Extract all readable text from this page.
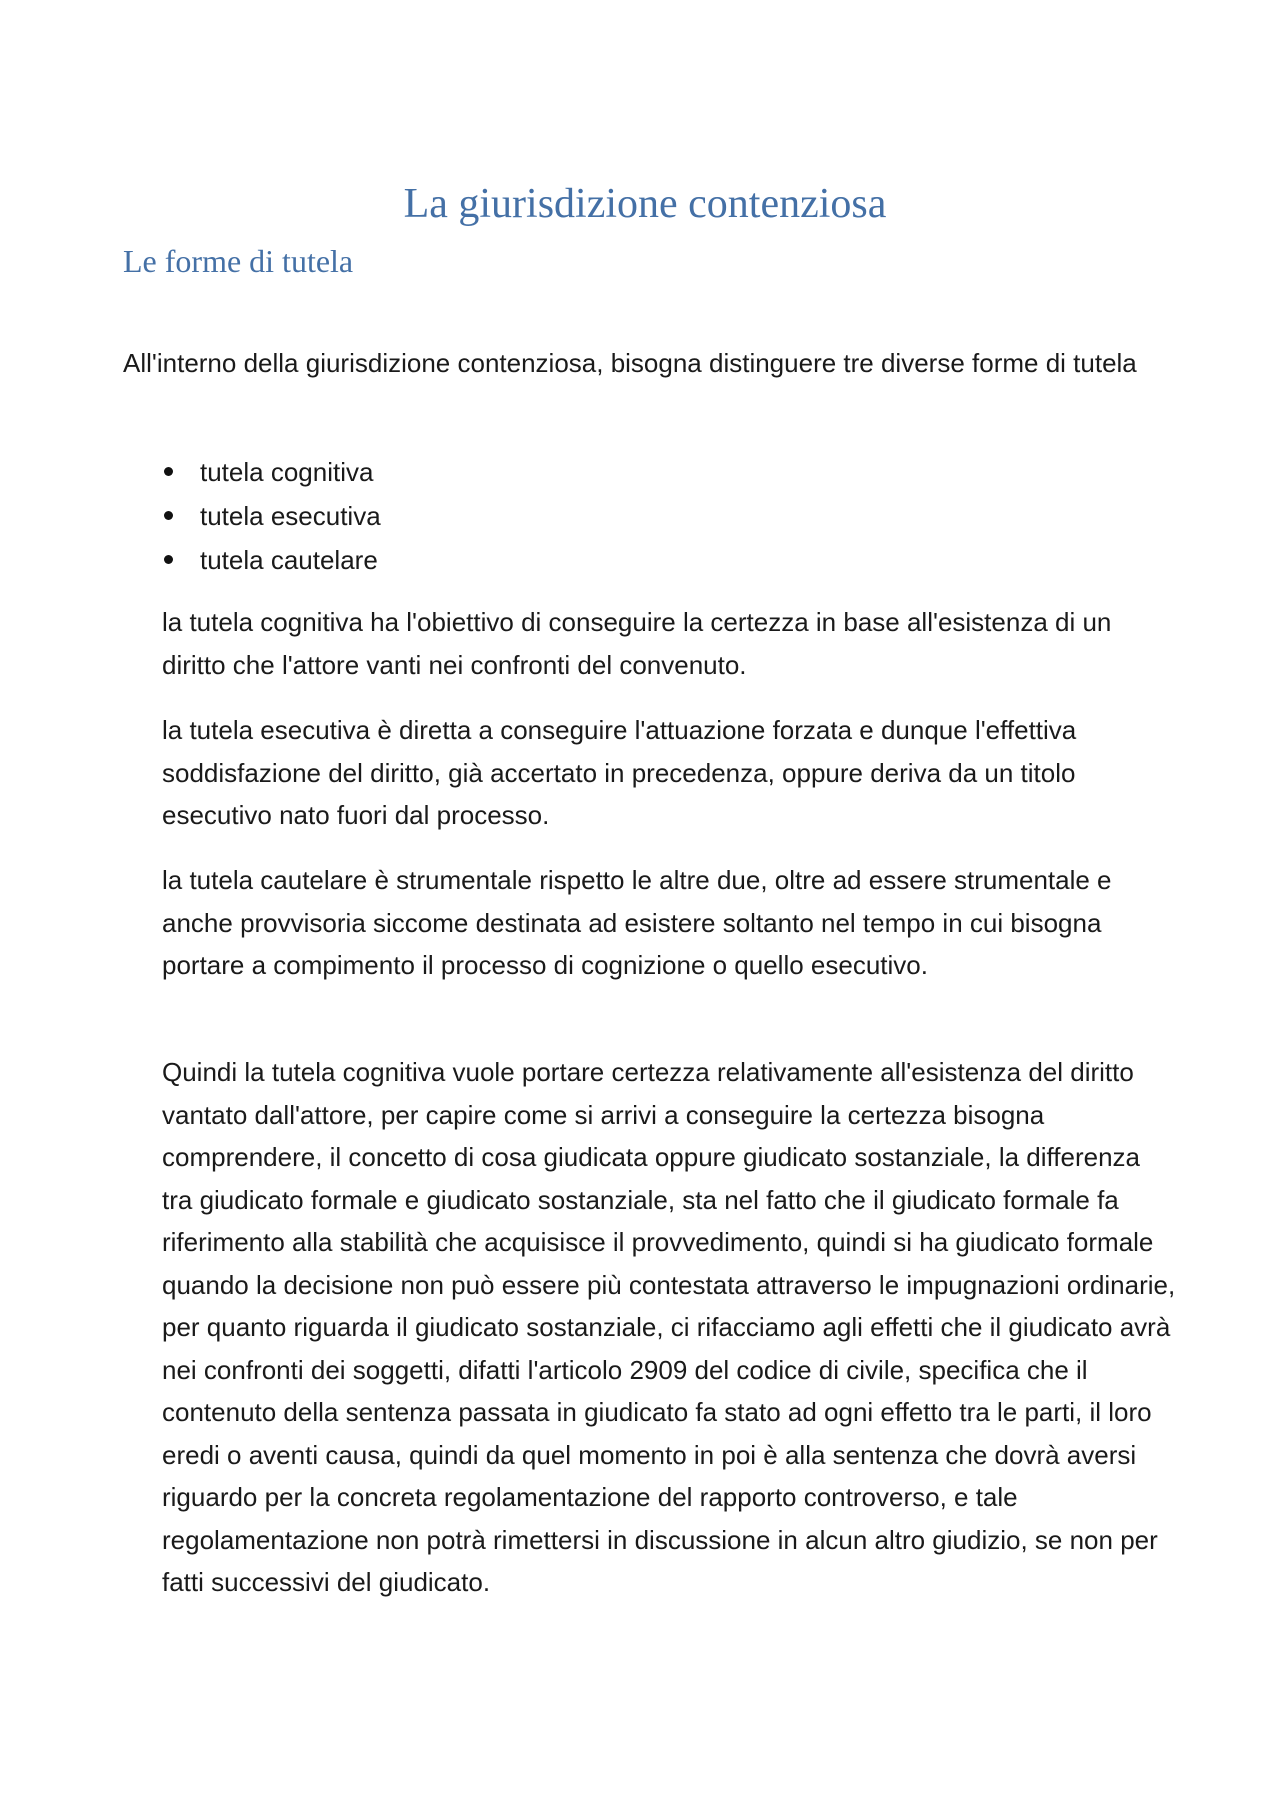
La giurisdizione contenziosa
Le forme di tutela

All'interno della giurisdizione contenziosa, bisogna distinguere tre diverse forme di tutela

tutela cognitiva
tutela esecutiva
tutela cautelare

la tutela cognitiva ha l'obiettivo di conseguire la certezza in base all'esistenza di un diritto che l'attore vanti nei confronti del convenuto.

la tutela esecutiva è diretta a conseguire l'attuazione forzata e dunque l'effettiva soddisfazione del diritto, già accertato in precedenza, oppure deriva da un titolo esecutivo nato fuori dal processo.

la tutela cautelare è strumentale rispetto le altre due, oltre ad essere strumentale e anche provvisoria siccome destinata ad esistere soltanto nel tempo in cui bisogna portare a compimento il processo di cognizione o quello esecutivo.

Quindi la tutela cognitiva vuole portare certezza relativamente all'esistenza del diritto vantato dall'attore, per capire come si arrivi a conseguire la certezza bisogna comprendere, il concetto di cosa giudicata oppure giudicato sostanziale, la differenza tra giudicato formale e giudicato sostanziale, sta nel fatto che il giudicato formale fa riferimento alla stabilità che acquisisce il provvedimento, quindi si ha giudicato formale quando la decisione non può essere più contestata attraverso le impugnazioni ordinarie, per quanto riguarda il giudicato sostanziale, ci rifacciamo agli effetti che il giudicato avrà nei confronti dei soggetti, difatti l'articolo 2909 del codice di civile, specifica che il contenuto della sentenza passata in giudicato fa stato ad ogni effetto tra le parti, il loro eredi o aventi causa, quindi da quel momento in poi è alla sentenza che dovrà aversi riguardo per la concreta regolamentazione del rapporto controverso, e tale regolamentazione non potrà rimettersi in discussione in alcun altro giudizio, se non per fatti successivi del giudicato.
